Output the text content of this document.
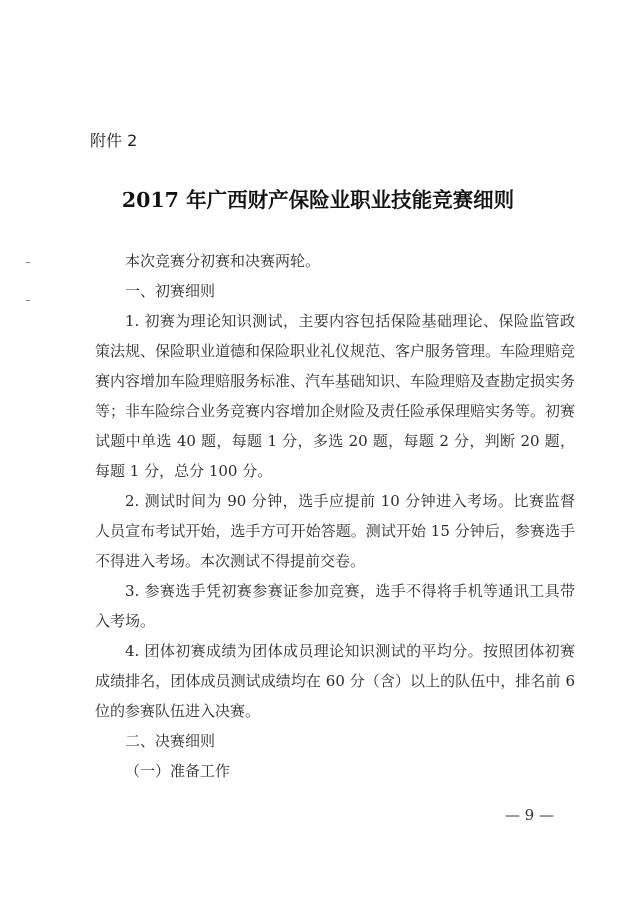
附件 2
2017 年广西财产保险业职业技能竞赛细则

本次竞赛分初赛和决赛两轮。

一、初赛细则

1. 初赛为理论知识测试，主要内容包括保险基础理论、保险监管政策法规、保险职业道德和保险职业礼仪规范、客户服务管理。车险理赔竞赛内容增加车险理赔服务标准、汽车基础知识、车险理赔及查勘定损实务等；非车险综合业务竞赛内容增加企财险及责任险承保理赔实务等。初赛试题中单选 40 题，每题 1 分，多选 20 题，每题 2 分，判断 20 题，每题 1 分，总分 100 分。

2. 测试时间为 90 分钟，选手应提前 10 分钟进入考场。比赛监督人员宣布考试开始，选手方可开始答题。测试开始 15 分钟后，参赛选手不得进入考场。本次测试不得提前交卷。

3. 参赛选手凭初赛参赛证参加竞赛，选手不得将手机等通讯工具带入考场。

4. 团体初赛成绩为团体成员理论知识测试的平均分。按照团体初赛成绩排名，团体成员测试成绩均在 60 分（含）以上的队伍中，排名前 6 位的参赛队伍进入决赛。

二、决赛细则

（一）准备工作

— 9 —
